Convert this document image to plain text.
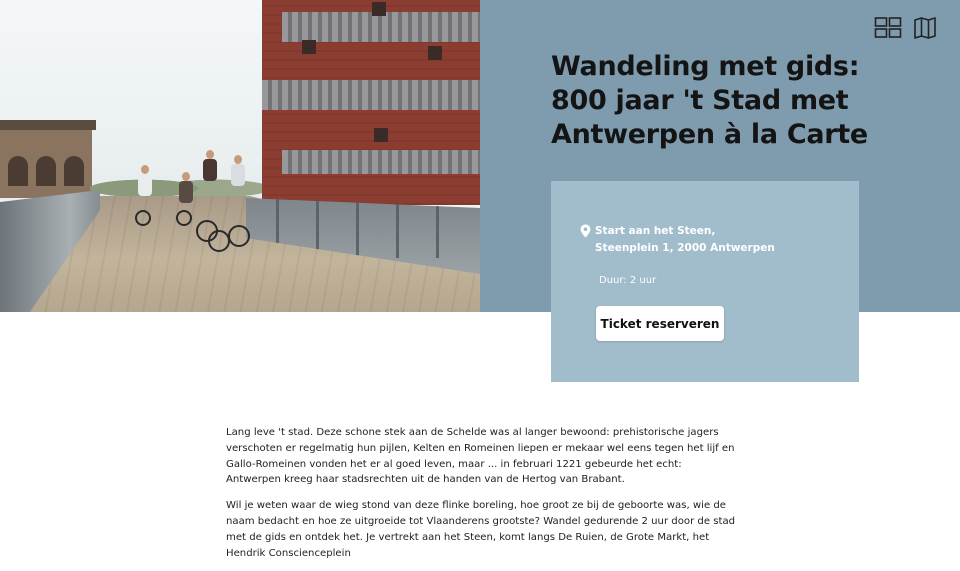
Wandeling met gids:
800 jaar 't Stad met
Antwerpen à la Carte
Start aan het Steen,
Steenplein 1, 2000 Antwerpen
Duur: 2 uur
Ticket reserveren

Lang leve 't stad. Deze schone stek aan de Schelde was al langer bewoond: prehistorische jagers verschoten er regelmatig hun pijlen, Kelten en Romeinen liepen er mekaar wel eens tegen het lijf en Gallo-Romeinen vonden het er al goed leven, maar ... in februari 1221 gebeurde het echt: Antwerpen kreeg haar stadsrechten uit de handen van de Hertog van Brabant.

Wil je weten waar de wieg stond van deze flinke boreling, hoe groot ze bij de geboorte was, wie de naam bedacht en hoe ze uitgroeide tot Vlaanderens grootste? Wandel gedurende 2 uur door de stad met de gids en ontdek het. Je vertrekt aan het Steen, komt langs De Ruien, de Grote Markt, het Hendrik Conscienceplein
